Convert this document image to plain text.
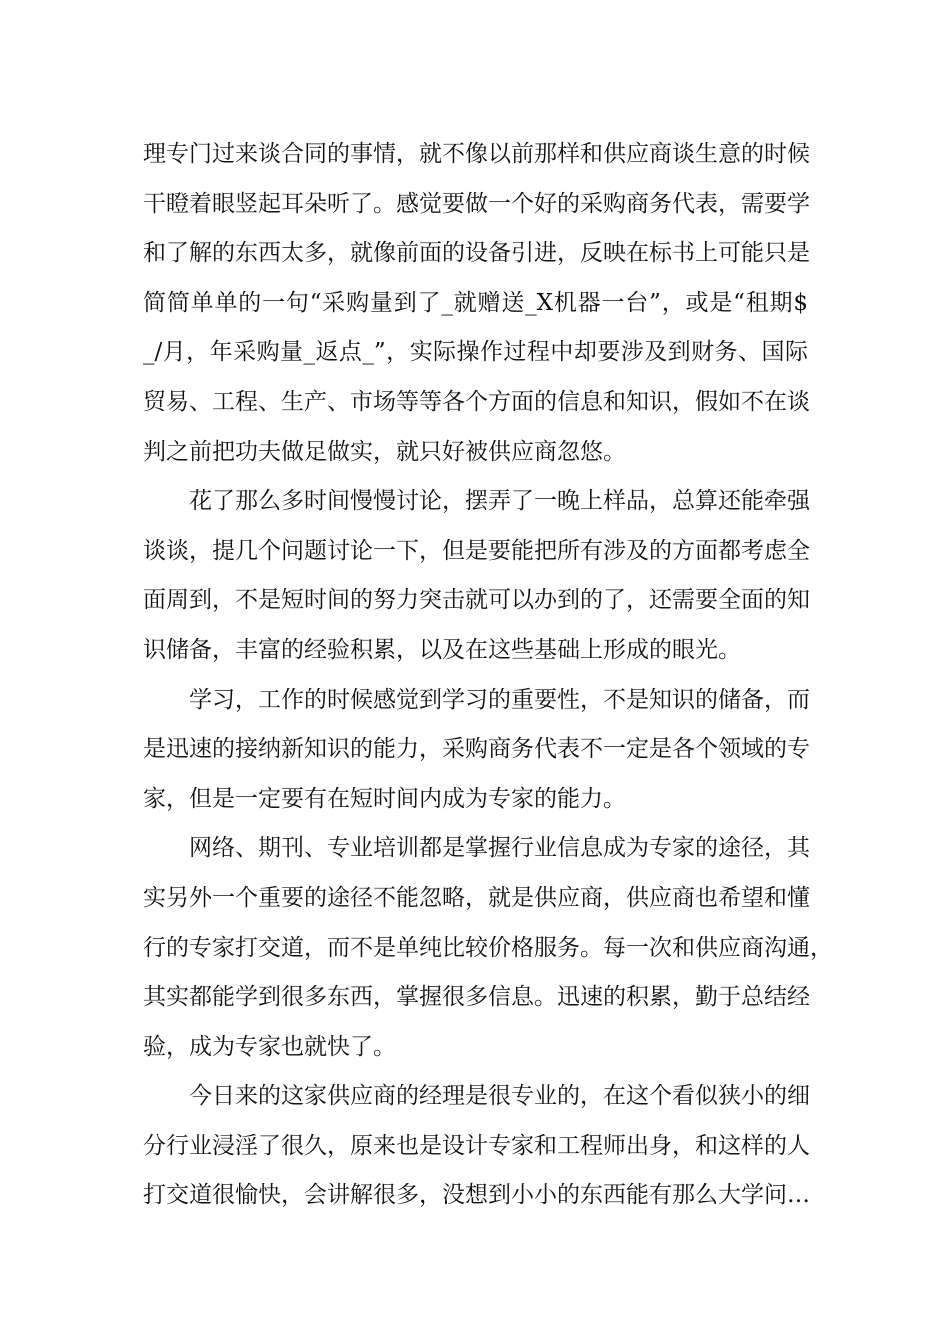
理专门过来谈合同的事情，就不像以前那样和供应商谈生意的时候
干瞪着眼竖起耳朵听了。感觉要做一个好的采购商务代表，需要学
和了解的东西太多，就像前面的设备引进，反映在标书上可能只是
简简单单的一句“采购量到了_就赠送_X机器一台”，或是“租期$
_/月，年采购量_返点_”，实际操作过程中却要涉及到财务、国际
贸易、工程、生产、市场等等各个方面的信息和知识，假如不在谈
判之前把功夫做足做实，就只好被供应商忽悠。
花了那么多时间慢慢讨论，摆弄了一晚上样品，总算还能牵强
谈谈，提几个问题讨论一下，但是要能把所有涉及的方面都考虑全
面周到，不是短时间的努力突击就可以办到的了，还需要全面的知
识储备，丰富的经验积累，以及在这些基础上形成的眼光。
学习，工作的时候感觉到学习的重要性，不是知识的储备，而
是迅速的接纳新知识的能力，采购商务代表不一定是各个领域的专
家，但是一定要有在短时间内成为专家的能力。
网络、期刊、专业培训都是掌握行业信息成为专家的途径，其
实另外一个重要的途径不能忽略，就是供应商，供应商也希望和懂
行的专家打交道，而不是单纯比较价格服务。每一次和供应商沟通，
其实都能学到很多东西，掌握很多信息。迅速的积累，勤于总结经
验，成为专家也就快了。
今日来的这家供应商的经理是很专业的，在这个看似狭小的细
分行业浸淫了很久，原来也是设计专家和工程师出身，和这样的人
打交道很愉快，会讲解很多，没想到小小的东西能有那么大学问…
